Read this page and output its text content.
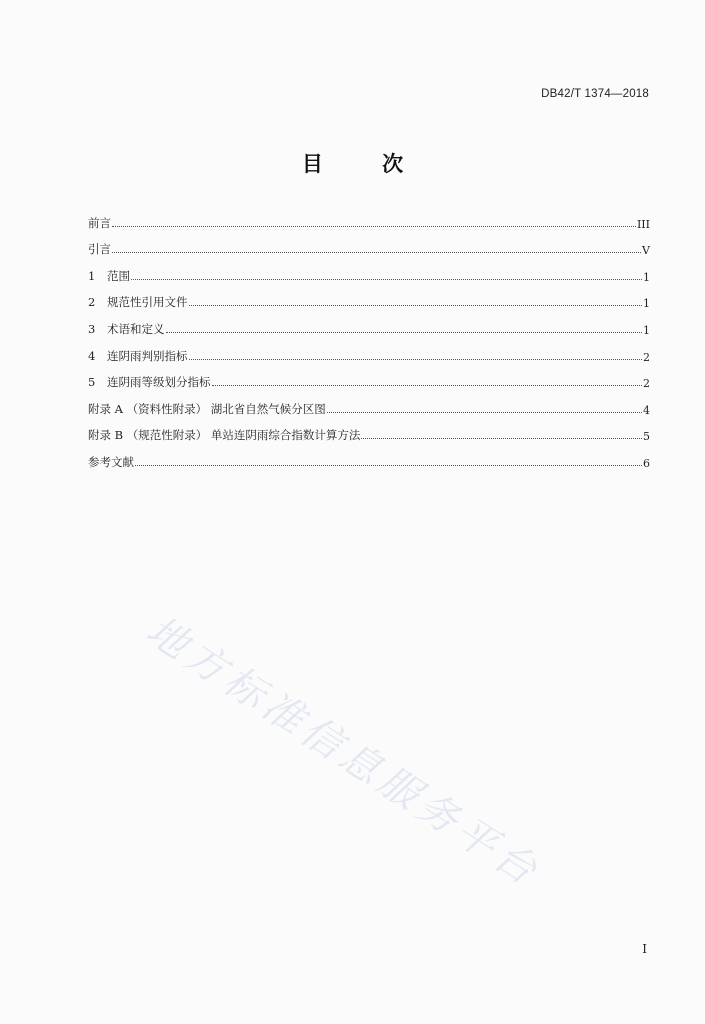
DB42/T 1374—2018
目 次
前言	III
引言	V
1 范围	1
2 规范性引用文件	1
3 术语和定义	1
4 连阴雨判别指标	2
5 连阴雨等级划分指标	2
附录 A （资料性附录） 湖北省自然气候分区图	4
附录 B （规范性附录） 单站连阴雨综合指数计算方法	5
参考文献	6
地方标准信息服务平台
I
